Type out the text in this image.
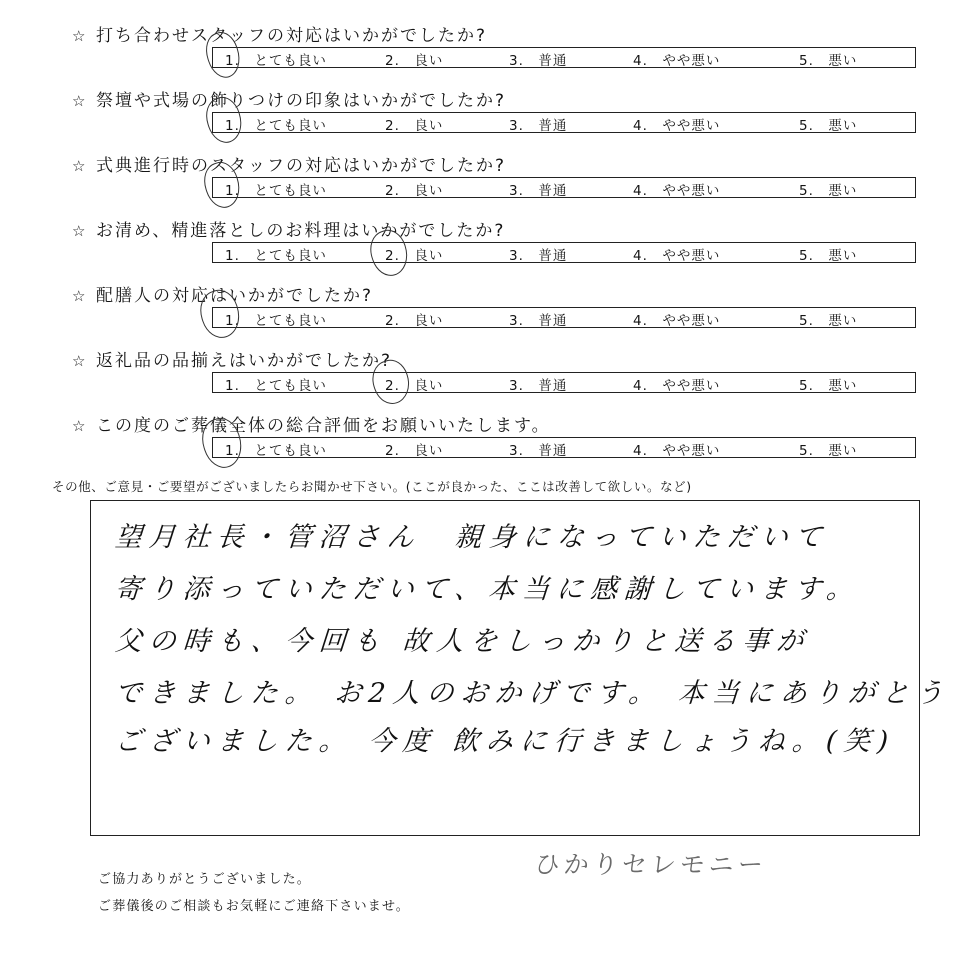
☆ 打ち合わせスタッフの対応はいかがでしたか?
1.　とても良い	2.　良い	3.　普通	4.　やや悪い	5.　悪い
☆ 祭壇や式場の飾りつけの印象はいかがでしたか?
1.　とても良い	2.　良い	3.　普通	4.　やや悪い	5.　悪い
☆ 式典進行時のスタッフの対応はいかがでしたか?
1.　とても良い	2.　良い	3.　普通	4.　やや悪い	5.　悪い
☆ お清め、精進落としのお料理はいかがでしたか?
1.　とても良い	2.　良い	3.　普通	4.　やや悪い	5.　悪い
☆ 配膳人の対応はいかがでしたか?
1.　とても良い	2.　良い	3.　普通	4.　やや悪い	5.　悪い
☆ 返礼品の品揃えはいかがでしたか?
1.　とても良い	2.　良い	3.　普通	4.　やや悪い	5.　悪い
☆ この度のご葬儀全体の総合評価をお願いいたします。
1.　とても良い	2.　良い	3.　普通	4.　やや悪い	5.　悪い
その他、ご意見・ご要望がございましたらお聞かせ下さい。(ここが良かった、ここは改善して欲しい。など)
望月社長・管沼さん　親身になっていただいて
寄り添っていただいて、本当に感謝しています。
父の時も、今回も 故人をしっかりと送る事が
できました。 お2人のおかげです。 本当にありがとう
ございました。 今度 飲みに行きましょうね。(笑)
ご協力ありがとうございました。
ご葬儀後のご相談もお気軽にご連絡下さいませ。
ひかりセレモニー
